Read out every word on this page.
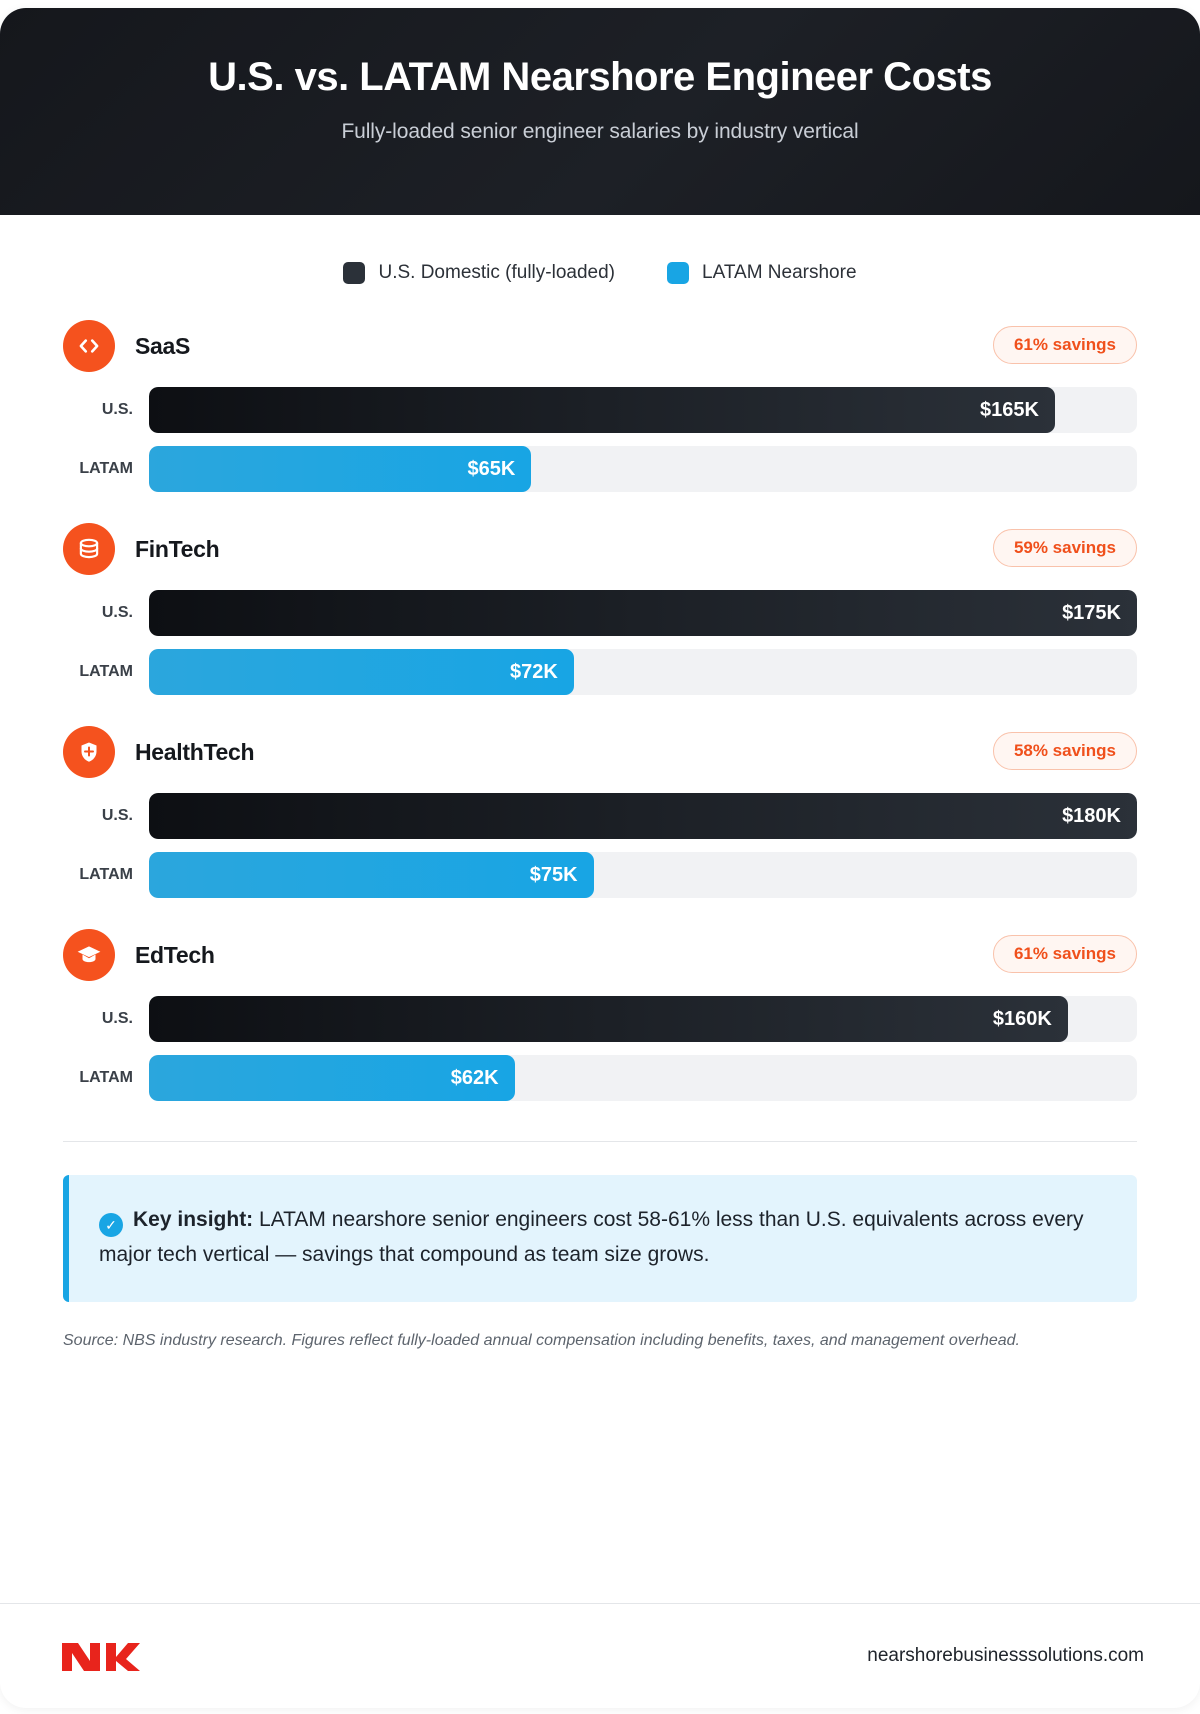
U.S. vs. LATAM Nearshore Engineer Costs
Fully-loaded senior engineer salaries by industry vertical
U.S. Domestic (fully-loaded)	LATAM Nearshore
SaaS	61% savings
U.S.	$165K
LATAM	$65K
FinTech	59% savings
U.S.	$175K
LATAM	$72K
HealthTech	58% savings
U.S.	$180K
LATAM	$75K
EdTech	61% savings
U.S.	$160K
LATAM	$62K

✓ Key insight: LATAM nearshore senior engineers cost 58-61% less than U.S. equivalents across every major tech vertical — savings that compound as team size grows.

Source: NBS industry research. Figures reflect fully-loaded annual compensation including benefits, taxes, and management overhead.

nearshorebusinesssolutions.com
